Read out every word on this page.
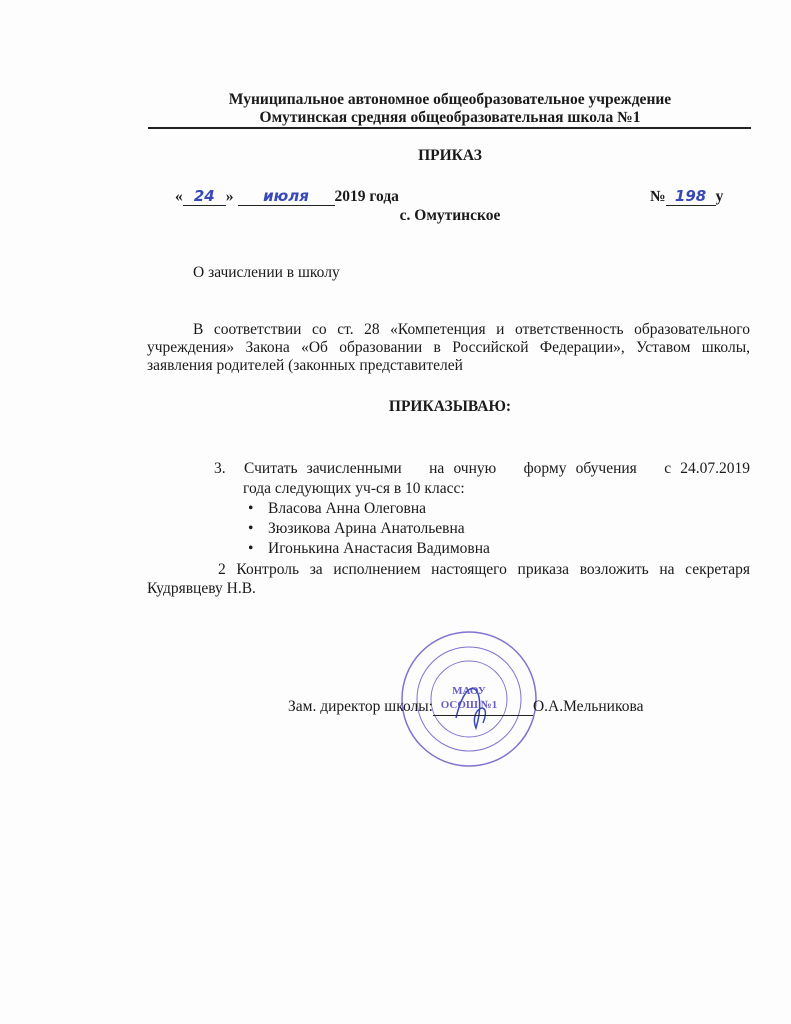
Муниципальное автономное общеобразовательное учреждение
Омутинская средняя общеобразовательная школа №1
ПРИКАЗ
« 24 » июля 2019 года	№ 198 у
с. Омутинское
О зачислении в школу
В соответствии со ст. 28 «Компетенция и ответственность образовательного
учреждения» Закона «Об образовании в Российской Федерации», Уставом школы,
заявления родителей (законных представителей
ПРИКАЗЫВАЮ:
3. Считать зачисленными   на очную   форму обучения   с 24.07.2019
года следующих уч-ся в 10 класс:
• Власова Анна Олеговна
• Зюзикова Арина Анатольевна
• Игонькина Анастасия Вадимовна
2 Контроль за исполнением настоящего приказа возложить на секретаря
Кудрявцеву Н.В.
МАОУ
ОСОШ №1
Зам. директор школы:	О.А.Мельникова
